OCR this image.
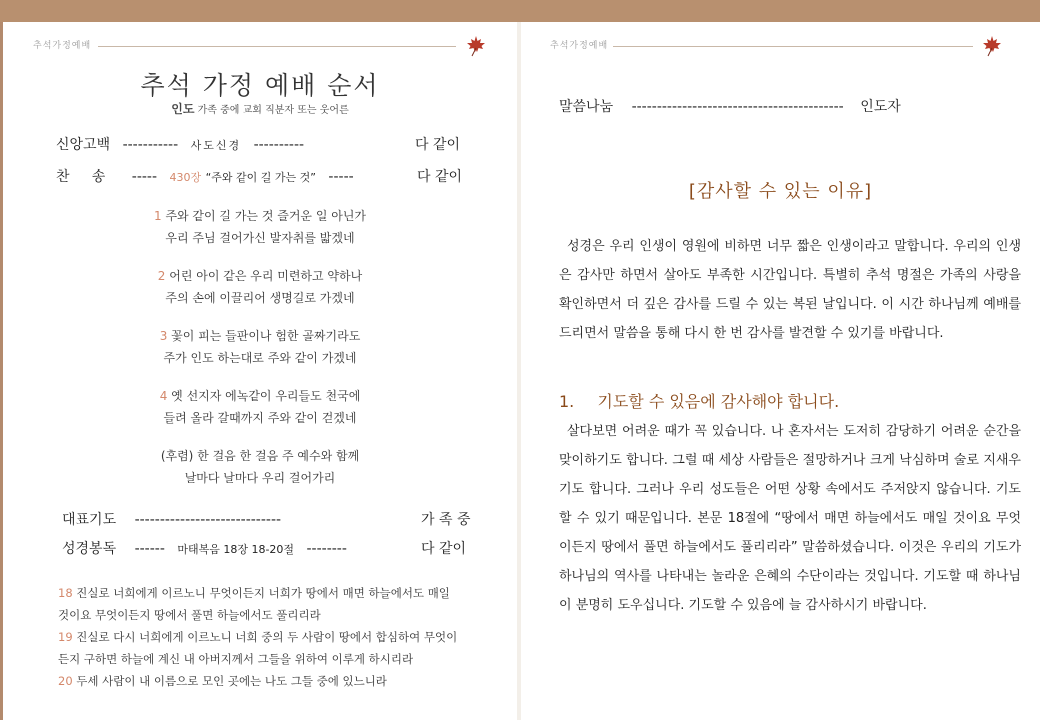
추석가정예배
추석 가정 예배 순서
인도 가족 중에 교회 직분자 또는 웃어른
신앙고백 ----------- 사도신경 ----------	다 같이
찬     송 ----- 430장 “주와 같이 길 가는 것” -----	다 같이
1 주와 같이 길 가는 것 즐거운 일 아닌가
우리 주님 걸어가신 발자취를 밟겠네
2 어린 아이 같은 우리 미련하고 약하나
주의 손에 이끌리어 생명길로 가겠네
3 꽃이 피는 들판이나 험한 골짜기라도
주가 인도 하는대로 주와 같이 가겠네
4 옛 선지자 에녹같이 우리들도 천국에
들려 올라 갈때까지 주와 같이 걷겠네
(후렴) 한 걸음 한 걸음 주 예수와 함께
날마다 날마다 우리 걸어가리
대표기도 -----------------------------	가 족 중
성경봉독 ------ 마태복음 18장 18-20절 --------	다 같이
18 진실로 너희에게 이르노니 무엇이든지 너희가 땅에서 매면 하늘에서도 매일
것이요 무엇이든지 땅에서 풀면 하늘에서도 풀리리라
19 진실로 다시 너희에게 이르노니 너희 중의 두 사람이 땅에서 합심하여 무엇이
든지 구하면 하늘에 계신 내 아버지께서 그들을 위하여 이루게 하시리라
20 두세 사람이 내 이름으로 모인 곳에는 나도 그들 중에 있느니라
추석가정예배
말씀나눔 ------------------------------------------ 인도자
[감사할 수 있는 이유]
성경은 우리 인생이 영원에 비하면 너무 짧은 인생이라고 말합니다. 우리의 인생은 감사만 하면서 살아도 부족한 시간입니다. 특별히 추석 명절은 가족의 사랑을 확인하면서 더 깊은 감사를 드릴 수 있는 복된 날입니다. 이 시간 하나님께 예배를 드리면서 말씀을 통해 다시 한 번 감사를 발견할 수 있기를 바랍니다.
1. 기도할 수 있음에 감사해야 합니다.
살다보면 어려운 때가 꼭 있습니다. 나 혼자서는 도저히 감당하기 어려운 순간을 맞이하기도 합니다. 그럴 때 세상 사람들은 절망하거나 크게 낙심하며 술로 지새우기도 합니다. 그러나 우리 성도들은 어떤 상황 속에서도 주저앉지 않습니다. 기도할 수 있기 때문입니다. 본문 18절에 “땅에서 매면 하늘에서도 매일 것이요 무엇이든지 땅에서 풀면 하늘에서도 풀리리라” 말씀하셨습니다. 이것은 우리의 기도가 하나님의 역사를 나타내는 놀라운 은혜의 수단이라는 것입니다. 기도할 때 하나님이 분명히 도우십니다. 기도할 수 있음에 늘 감사하시기 바랍니다.
